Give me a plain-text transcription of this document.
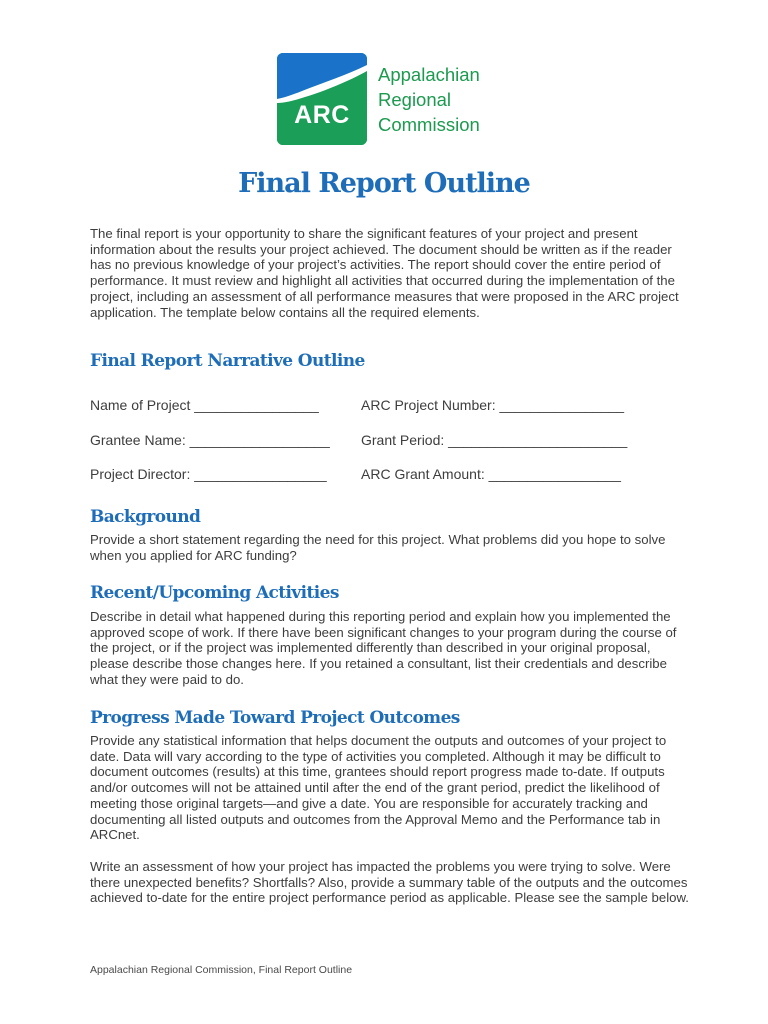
ARC
Appalachian
Regional
Commission
Final Report Outline

The final report is your opportunity to share the significant features of your project and present information about the results your project achieved. The document should be written as if the reader has no previous knowledge of your project’s activities. The report should cover the entire period of performance. It must review and highlight all activities that occurred during the implementation of the project, including an assessment of all performance measures that were proposed in the ARC project application. The template below contains all the required elements.

Final Report Narrative Outline
Name of Project ________________	ARC Project Number: ________________
Grantee Name: __________________ Grant Period: _______________________
Project Director: _________________ ARC Grant Amount: _________________
Background

Provide a short statement regarding the need for this project. What problems did you hope to solve when you applied for ARC funding?

Recent/Upcoming Activities

Describe in detail what happened during this reporting period and explain how you implemented the approved scope of work. If there have been significant changes to your program during the course of the project, or if the project was implemented differently than described in your original proposal, please describe those changes here. If you retained a consultant, list their credentials and describe what they were paid to do.

Progress Made Toward Project Outcomes

Provide any statistical information that helps document the outputs and outcomes of your project to date. Data will vary according to the type of activities you completed. Although it may be difficult to document outcomes (results) at this time, grantees should report progress made to-date. If outputs and/or outcomes will not be attained until after the end of the grant period, predict the likelihood of meeting those original targets—and give a date. You are responsible for accurately tracking and documenting all listed outputs and outcomes from the Approval Memo and the Performance tab in ARCnet.

Write an assessment of how your project has impacted the problems you were trying to solve. Were there unexpected benefits? Shortfalls? Also, provide a summary table of the outputs and the outcomes achieved to-date for the entire project performance period as applicable. Please see the sample below.

Appalachian Regional Commission, Final Report Outline
